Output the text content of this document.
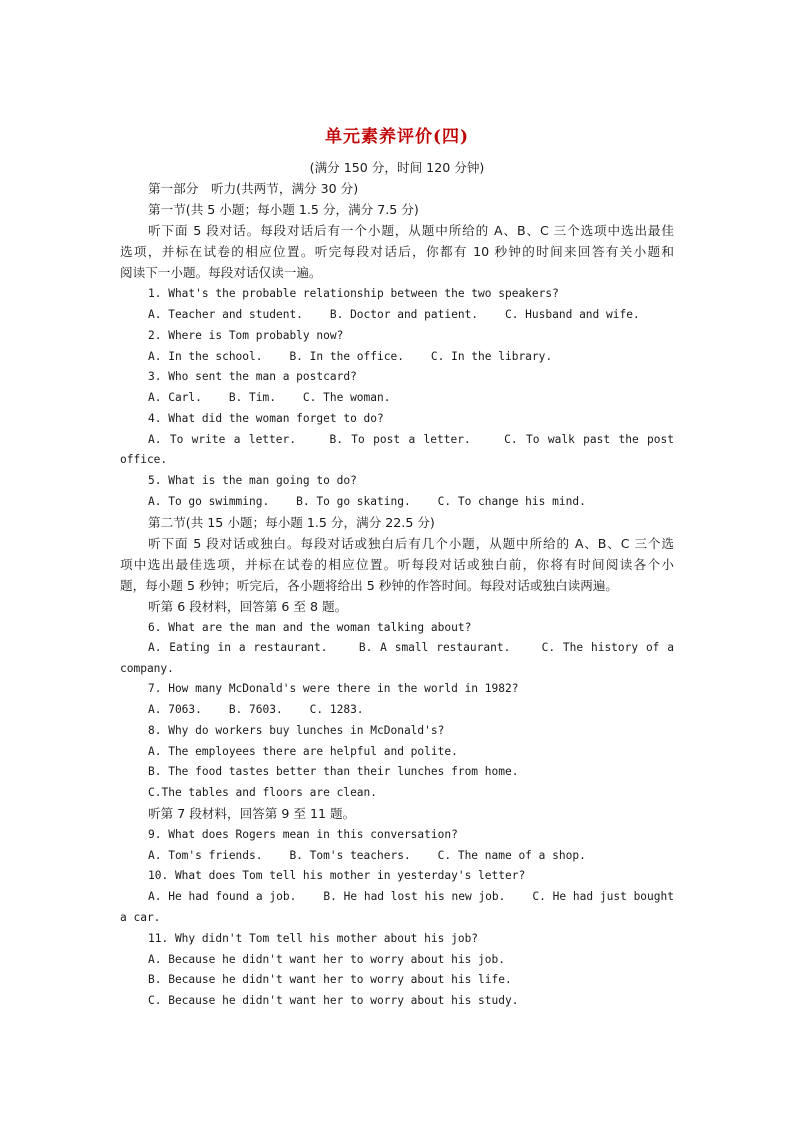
单元素养评价(四)
(满分 150 分，时间 120 分钟)
第一部分　听力(共两节，满分 30 分)
第一节(共 5 小题；每小题 1.5 分，满分 7.5 分)
听下面 5 段对话。每段对话后有一个小题，从题中所给的 A、B、C 三个选项中选出最佳
选项，并标在试卷的相应位置。听完每段对话后，你都有 10 秒钟的时间来回答有关小题和
阅读下一小题。每段对话仅读一遍。
1. What's the probable relationship between the two speakers?
A. Teacher and student.    B. Doctor and patient.    C. Husband and wife.
2. Where is Tom probably now?
A. In the school.    B. In the office.    C. In the library.
3. Who sent the man a postcard?
A. Carl.    B. Tim.    C. The woman.
4. What did the woman forget to do?
A. To write a letter.    B. To post a letter.    C. To walk past the post
office.
5. What is the man going to do?
A. To go swimming.    B. To go skating.    C. To change his mind.
第二节(共 15 小题；每小题 1.5 分，满分 22.5 分)
听下面 5 段对话或独白。每段对话或独白后有几个小题，从题中所给的 A、B、C 三个选
项中选出最佳选项，并标在试卷的相应位置。听每段对话或独白前，你将有时间阅读各个小
题，每小题 5 秒钟；听完后，各小题将给出 5 秒钟的作答时间。每段对话或独白读两遍。
听第 6 段材料，回答第 6 至 8 题。
6. What are the man and the woman talking about?
A. Eating in a restaurant.    B. A small restaurant.    C. The history of a
company.
7. How many McDonald's were there in the world in 1982?
A. 7063.    B. 7603.    C. 1283.
8. Why do workers buy lunches in McDonald's?
A. The employees there are helpful and polite.
B. The food tastes better than their lunches from home.
C.The tables and floors are clean.
听第 7 段材料，回答第 9 至 11 题。
9. What does Rogers mean in this conversation?
A. Tom's friends.    B. Tom's teachers.    C. The name of a shop.
10. What does Tom tell his mother in yesterday's letter?
A. He had found a job.    B. He had lost his new job.    C. He had just bought
a car.
11. Why didn't Tom tell his mother about his job?
A. Because he didn't want her to worry about his job.
B. Because he didn't want her to worry about his life.
C. Because he didn't want her to worry about his study.
